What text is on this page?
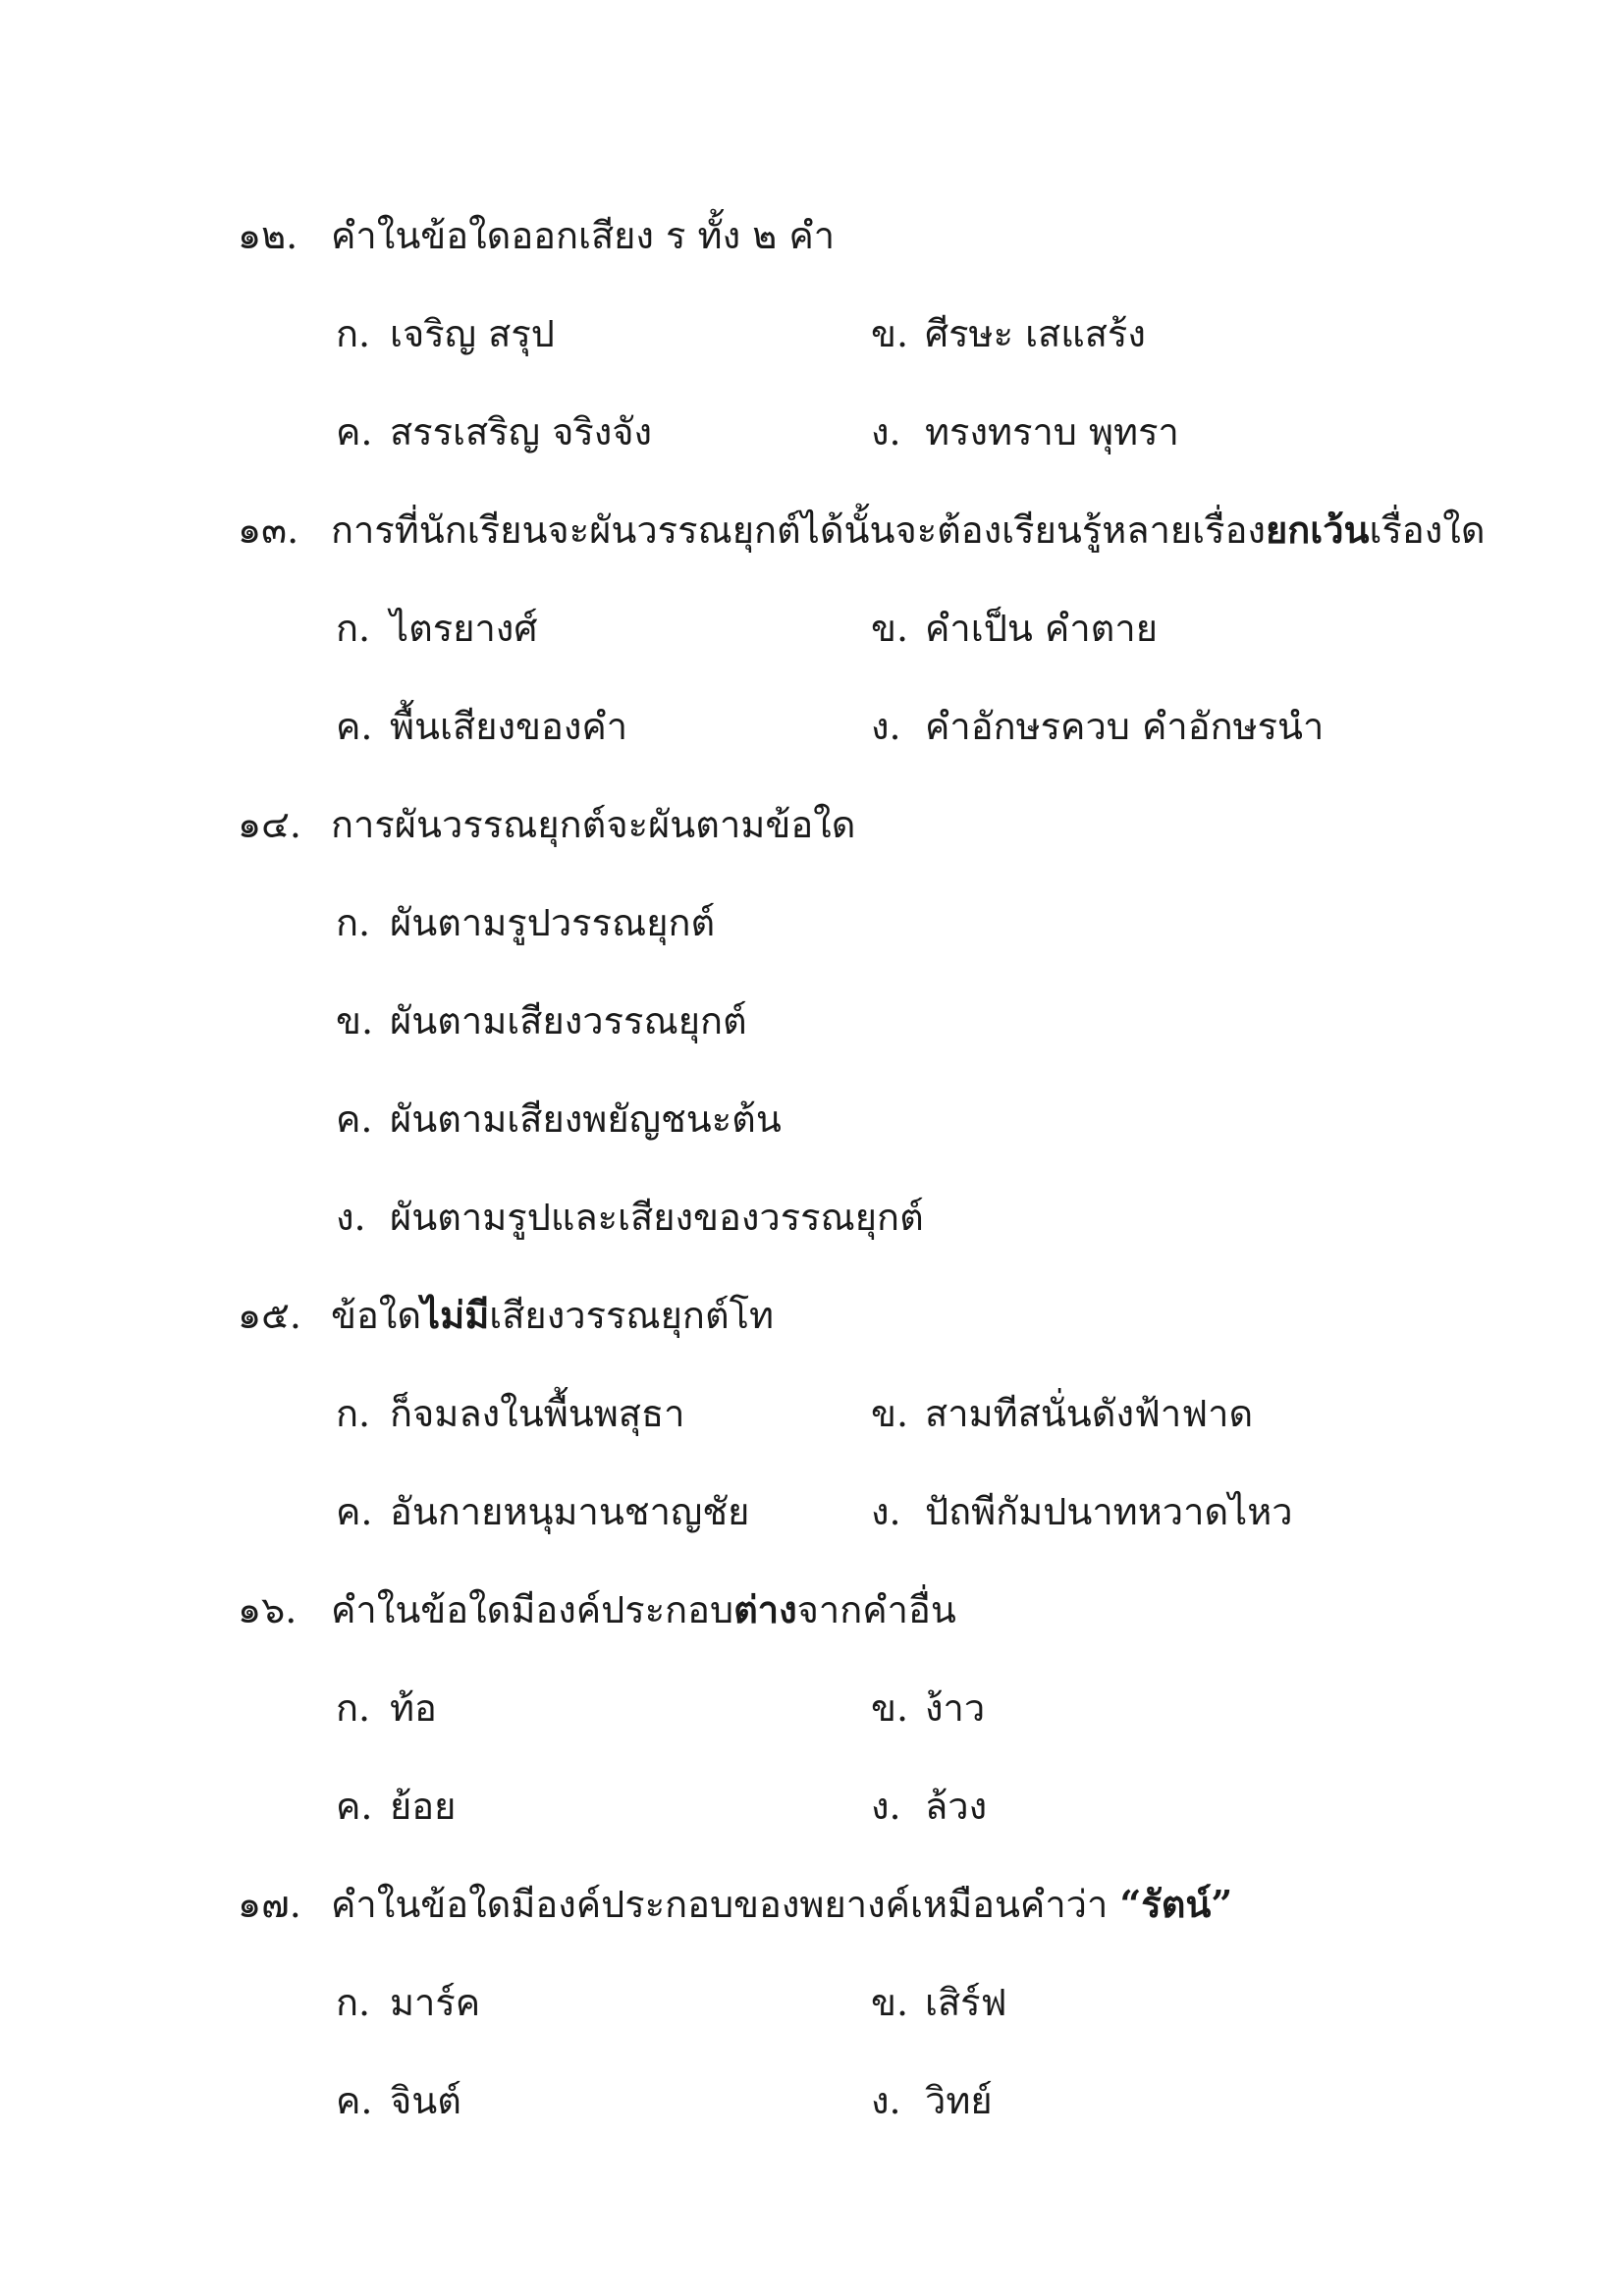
๑๒. คำในข้อใดออกเสียง ร ทั้ง ๒ คำ
ก. เจริญ สรุป	ข. ศีรษะ เสแสร้ง
ค. สรรเสริญ จริงจัง	ง. ทรงทราบ พุทรา
๑๓. การที่นักเรียนจะผันวรรณยุกต์ได้นั้นจะต้องเรียนรู้หลายเรื่องยกเว้นเรื่องใด
ก. ไตรยางศ์	ข. คำเป็น คำตาย
ค. พื้นเสียงของคำ	ง. คำอักษรควบ คำอักษรนำ
๑๔. การผันวรรณยุกต์จะผันตามข้อใด
ก. ผันตามรูปวรรณยุกต์
ข. ผันตามเสียงวรรณยุกต์
ค. ผันตามเสียงพยัญชนะต้น
ง. ผันตามรูปและเสียงของวรรณยุกต์
๑๕. ข้อใดไม่มีเสียงวรรณยุกต์โท
ก. ก็จมลงในพื้นพสุธา	ข. สามทีสนั่นดังฟ้าฟาด
ค. อันกายหนุมานชาญชัย	ง. ปัถพีกัมปนาทหวาดไหว
๑๖. คำในข้อใดมีองค์ประกอบต่างจากคำอื่น
ก. ท้อ	ข. ง้าว
ค. ย้อย	ง. ล้วง
๑๗. คำในข้อใดมีองค์ประกอบของพยางค์เหมือนคำว่า “รัตน์”
ก. มาร์ค	ข. เสิร์ฟ
ค. จินต์	ง. วิทย์
